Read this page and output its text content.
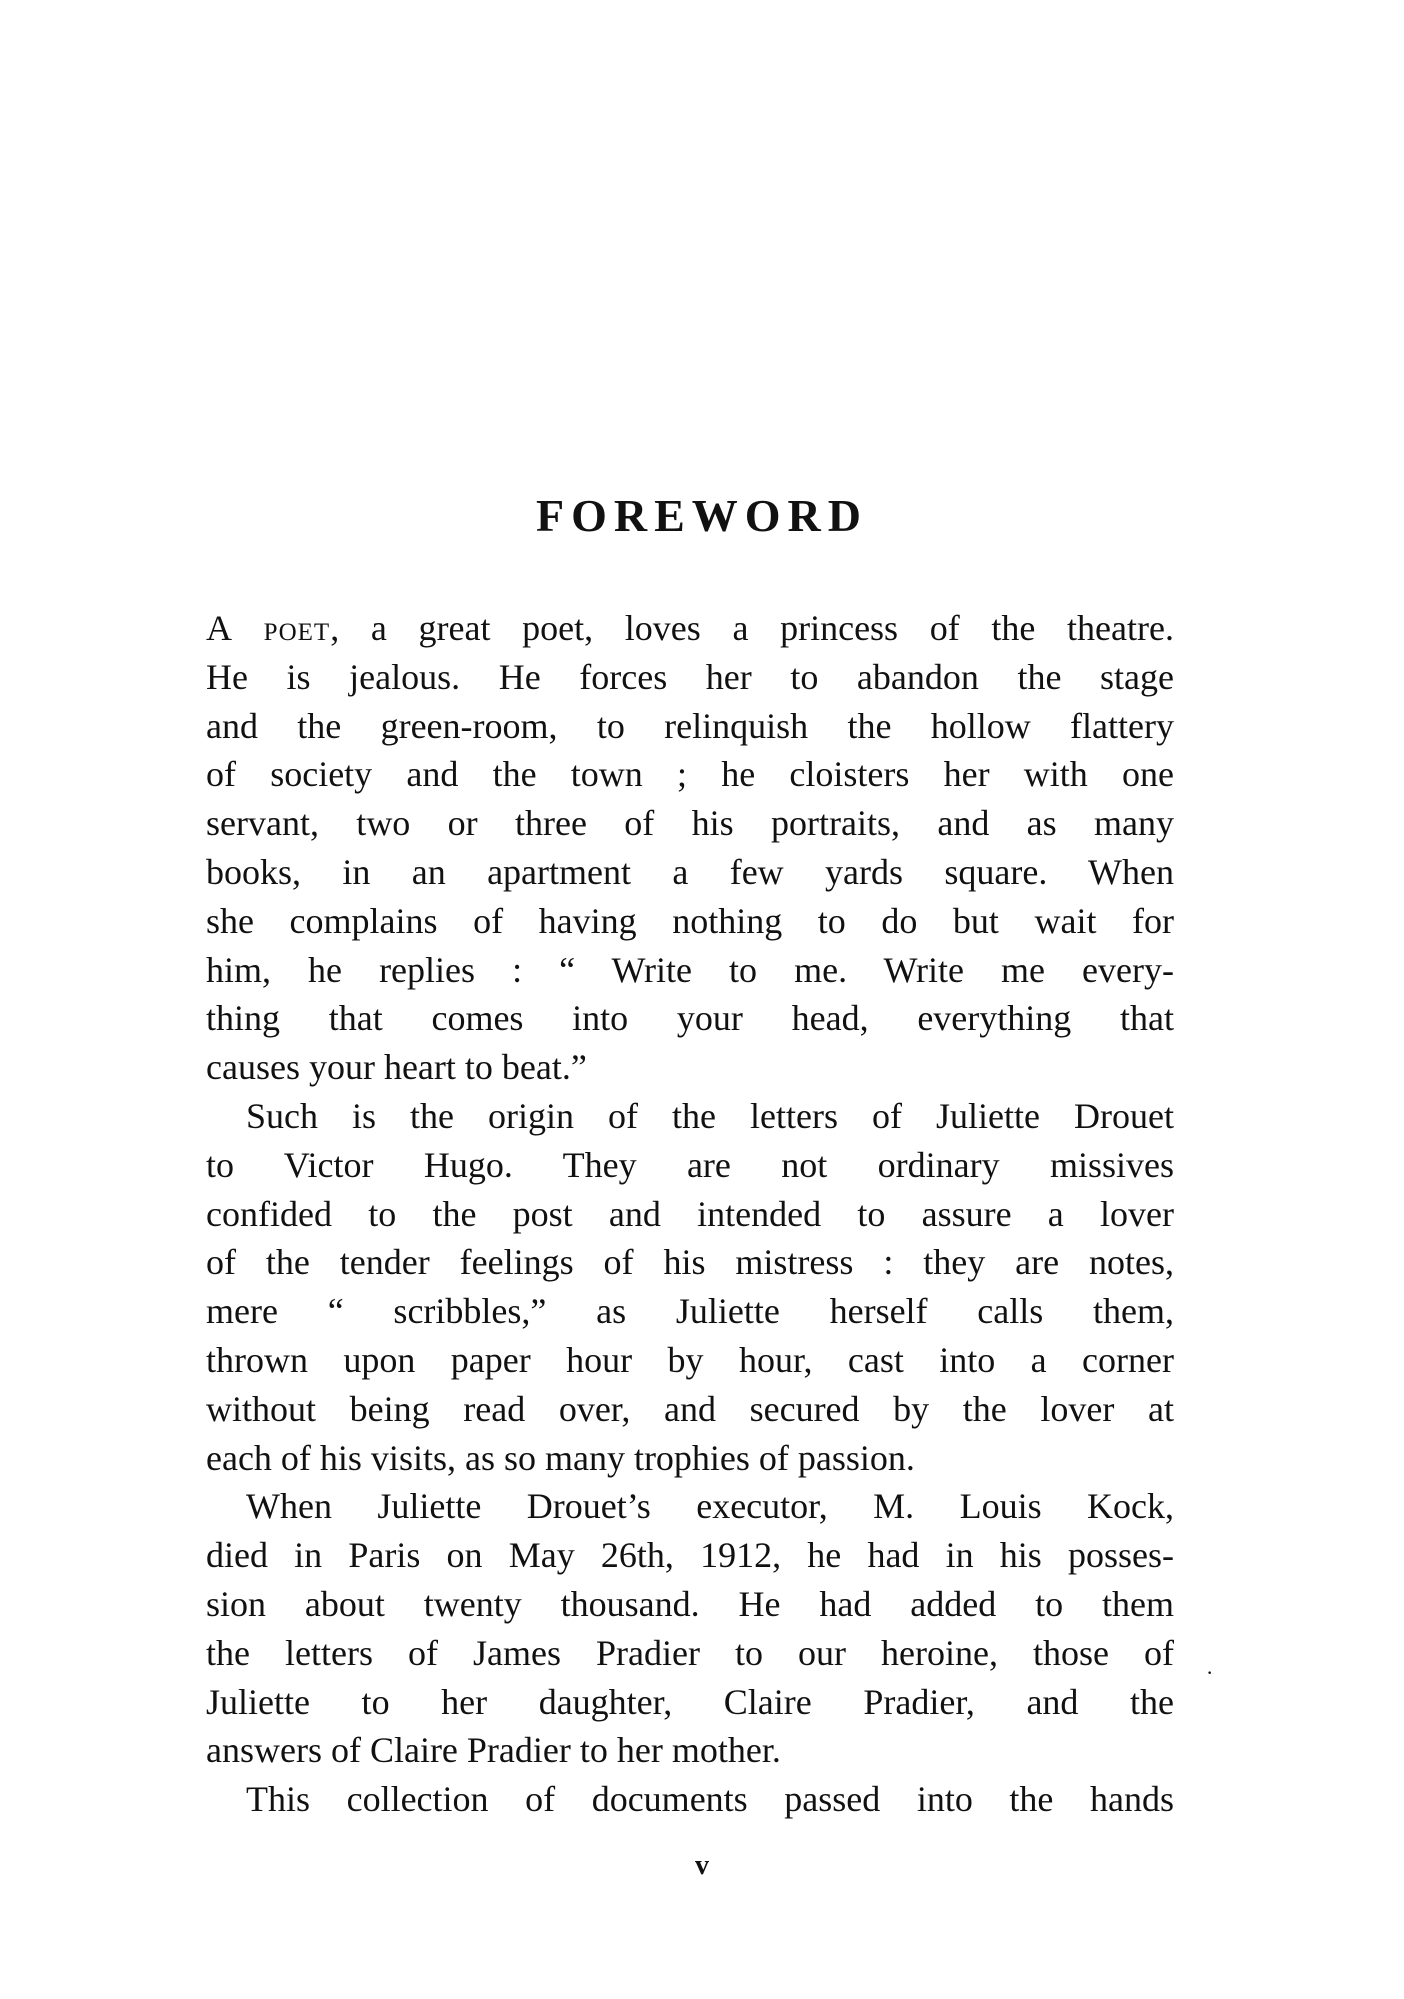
FOREWORD
A poet, a great poet, loves a princess of the theatre.
He is jealous. He forces her to abandon the stage
and the green-room, to relinquish the hollow flattery
of society and the town ; he cloisters her with one
servant, two or three of his portraits, and as many
books, in an apartment a few yards square. When
she complains of having nothing to do but wait for
him, he replies : “ Write to me. Write me every-
thing that comes into your head, everything that
causes your heart to beat.”
Such is the origin of the letters of Juliette Drouet
to Victor Hugo. They are not ordinary missives
confided to the post and intended to assure a lover
of the tender feelings of his mistress : they are notes,
mere “ scribbles,” as Juliette herself calls them,
thrown upon paper hour by hour, cast into a corner
without being read over, and secured by the lover at
each of his visits, as so many trophies of passion.
When Juliette Drouet’s executor, M. Louis Kock,
died in Paris on May 26th, 1912, he had in his posses-
sion about twenty thousand. He had added to them
the letters of James Pradier to our heroine, those of
Juliette to her daughter, Claire Pradier, and the
answers of Claire Pradier to her mother.
This collection of documents passed into the hands
·

v
